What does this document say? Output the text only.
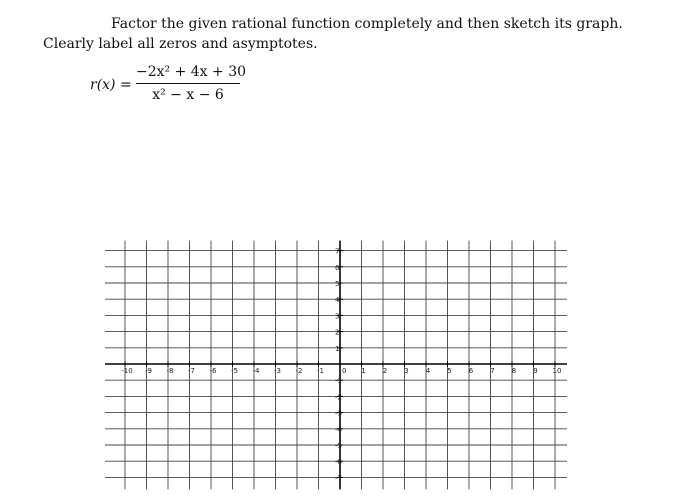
Factor the given rational function completely and then sketch its graph. Clearly label all zeros and asymptotes.
r(x) =
−2x² + 4x + 30
x² − x − 6
-10 -9 -8 -7 -6 -5 -4 -3 -2 -1	0 1 2 3 4 5 6 7 8 9 10
7
6
5
4
3
2
1
-1
-2
-3
-4
-5
-6
-7
